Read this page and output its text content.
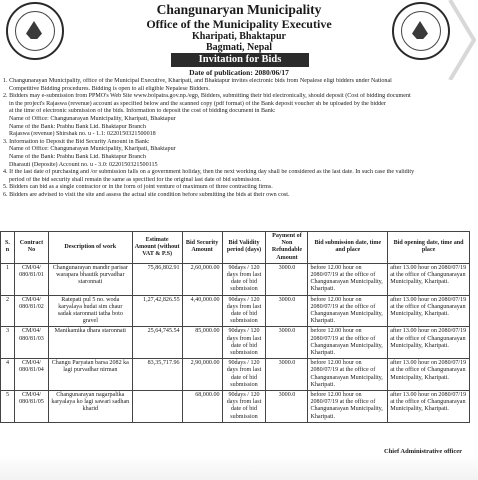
Changunaryan Municipality
Office of the Municipality Executive
Kharipati, Bhaktapur
Bagmati, Nepal
Invitation for Bids
Date of publication: 2080/06/17

1. Changunarayan Municipality, office of the Municipal Executive, Kharipati, and Bhaktapur invites electronic bids from Nepalese eligi bidders under National

Competitive Bidding procedures. Bidding is open to all eligible Nepalese Bidders.

2. Bidders may e-submission from PPMO's Web Site www.bolpatra.gov.np./egp, Bidders, submitting their bid electronically, should deposit (Cost of bidding document

in the project's Rajaswa (revenue) account as specified below and the scanned copy (pdf format) of the Bank deposit voucher sh be uploaded by the bidder

at the time of electronic submission of the bids. Information to deposit the cost of bidding document in Bank:

Name of Office: Changunarayan Municipality, Kharipati, Bhaktapur

Name of the Bank: Prabhu Bank Ltd. Bhaktapur Branch

Rajaswa (revenue) Shirshak no. u - 1.1: 0220150321500018

3. Information to Deposit the Bid Security Amount in Bank:

Name of Office: Changunarayan Municipality, Kharipati, Bhaktapur

Name of the Bank: Prabhu Bank Ltd. Bhaktapur Branch

Dharauti (Deposite) Account no. u - 3.0: 0220150321500115

4. If the last date of purchasing and /or submission falls on a government holiday, then the next working day shall be considered as the last date. In such case the validity

period of the bid security shall remain the same as specified for the original last date of bid submission.

5. Bidders can bid as a single contractor or in the form of joint venture of maximum of three contracting firms.

6. Bidders are advised to visit the site and assess the actual site condition before submitting the bids at their own cost.

S. n	Contract No	Description of work	Estimate Amount (without VAT & P.S)	Bid Security Amount	Bid Validity period (days)	Payment of Non Refundable Amount	Bid submission date, time and place	Bid opening date, time and place
1	CM/04/ 080/81/01	Changunarayan mandir parisar warapara bhautik purvadhar staronnati	75,86,802.91	2,60,000.00	90days / 120 days from last date of bid submission	3000.0	before 12.00 hour on 2080/07/19 at the office of Changunarayan Municipality, Kharipati.	after 13.00 hour on 2080/07/19 at the office of Changunarayan Municipality, Kharipati.
2	CM/04/ 080/81/02	Ratepati pul 5 no. woda karyalaya hudai sim chaur sadak staronnati tatha boto gravel	1,27,42,826.55	4,40,000.00	90days / 120 days from last date of bid submission	3000.0	before 12.00 hour on 2080/07/19 at the office of Changunarayan Municipality, Kharipati.	after 13.00 hour on 2080/07/19 at the office of Changunarayan Municipality, Kharipati.
3	CM/04/ 080/81/03	Manikamika dhara staronnati	25,64,745.54	85,000.00	90days / 120 days from last date of bid submission	3000.0	before 12.00 hour on 2080/07/19 at the office of Changunarayan Municipality, Kharipati.	after 13.00 hour on 2080/07/19 at the office of Changunarayan Municipality, Kharipati.
4	CM/04/ 080/81/04	Changu Paryatan barsa 2082 ka lagi purvadhar nirman	83,35,717.96	2,90,000.00	90days / 120 days from last date of bid submission	3000.0	before 12.00 hour on 2080/07/19 at the office of Changunarayan Municipality, Kharipati.	after 13.00 hour on 2080/07/19 at the office of Changunarayan Municipality, Kharipati.
5	CM/04/ 080/81/05	Changunarayan nagarpalika karyalaya ko lagi sawari sadhan kharid		68,000.00	90days / 120 days from last date of bid submission	3000.0	before 12.00 hour on 2080/07/19 at the office of Changunarayan Municipality, Kharipati.	after 13.00 hour on 2080/07/19 at the office of Changunarayan Municipality, Kharipati.
Chief Administrative officer
